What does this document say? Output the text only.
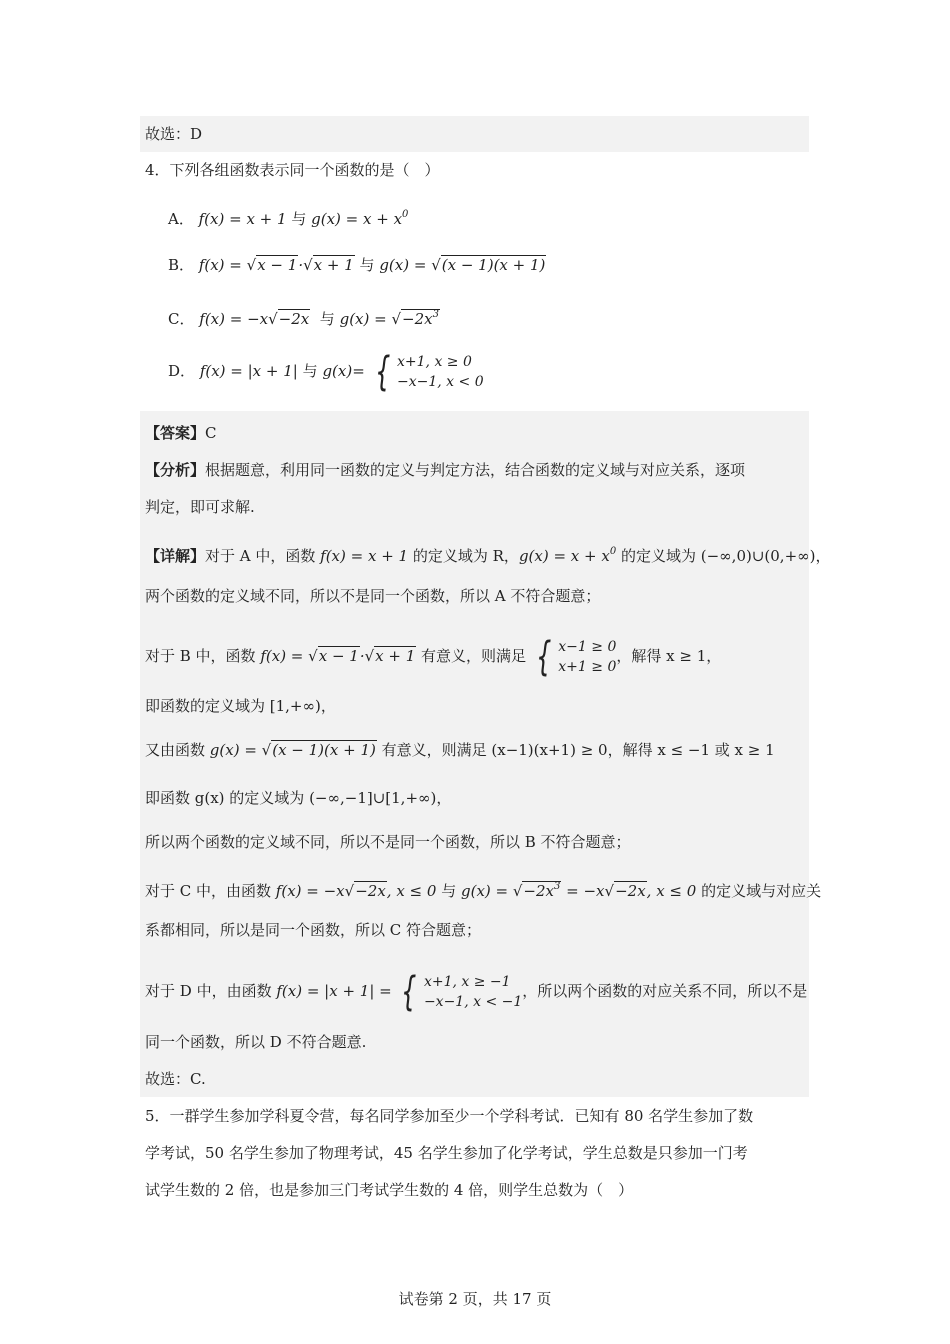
故选：D
4．下列各组函数表示同一个函数的是（　）
A． f(x) = x + 1 与 $g(x) = x + x^0$
B． f(x) = √x − 1·√x + 1 与 g(x) = √(x − 1)(x + 1)
C． f(x) = −x√−2x 与 $g(x) = √-2x^3$
D． f(x) = |x + 1| 与 g(x)= { x+1, x ≥ 0
−x−1, x < 0
【答案】C
【分析】根据题意，利用同一函数的定义与判定方法，结合函数的定义域与对应关系，逐项
判定，即可求解.
【详解】对于 A 中，函数 f(x) = x + 1 的定义域为 R，$g(x) = x + x^0$ 的定义域为 (−∞,0)∪(0,+∞)，
两个函数的定义域不同，所以不是同一个函数，所以 A 不符合题意；
对于 B 中，函数 f(x) = √x − 1·√x + 1 有意义，则满足 { x−1 ≥ 0
x+1 ≥ 0
，解得 x ≥ 1，
即函数的定义域为 [1,+∞)，
又由函数 g(x) = √(x − 1)(x + 1) 有意义，则满足 (x−1)(x+1) ≥ 0，解得 x ≤ −1 或 x ≥ 1
即函数 g(x) 的定义域为 (−∞,−1]∪[1,+∞)，
所以两个函数的定义域不同，所以不是同一个函数，所以 B 不符合题意；
对于 C 中，由函数 f(x) = −x√−2x, x ≤ 0 与 $g(x) = √-2x^3 = -x√-2x$, x ≤ 0 的定义域与对应关
系都相同，所以是同一个函数，所以 C 符合题意；
对于 D 中，由函数 f(x) = |x + 1| = { x+1, x ≥ −1
−x−1, x < −1
，所以两个函数的对应关系不同，所以不是
同一个函数，所以 D 不符合题意.
故选：C.
5．一群学生参加学科夏令营，每名同学参加至少一个学科考试．已知有 80 名学生参加了数
学考试，50 名学生参加了物理考试，45 名学生参加了化学考试，学生总数是只参加一门考
试学生数的 2 倍，也是参加三门考试学生数的 4 倍，则学生总数为（　）
试卷第 2 页，共 17 页
